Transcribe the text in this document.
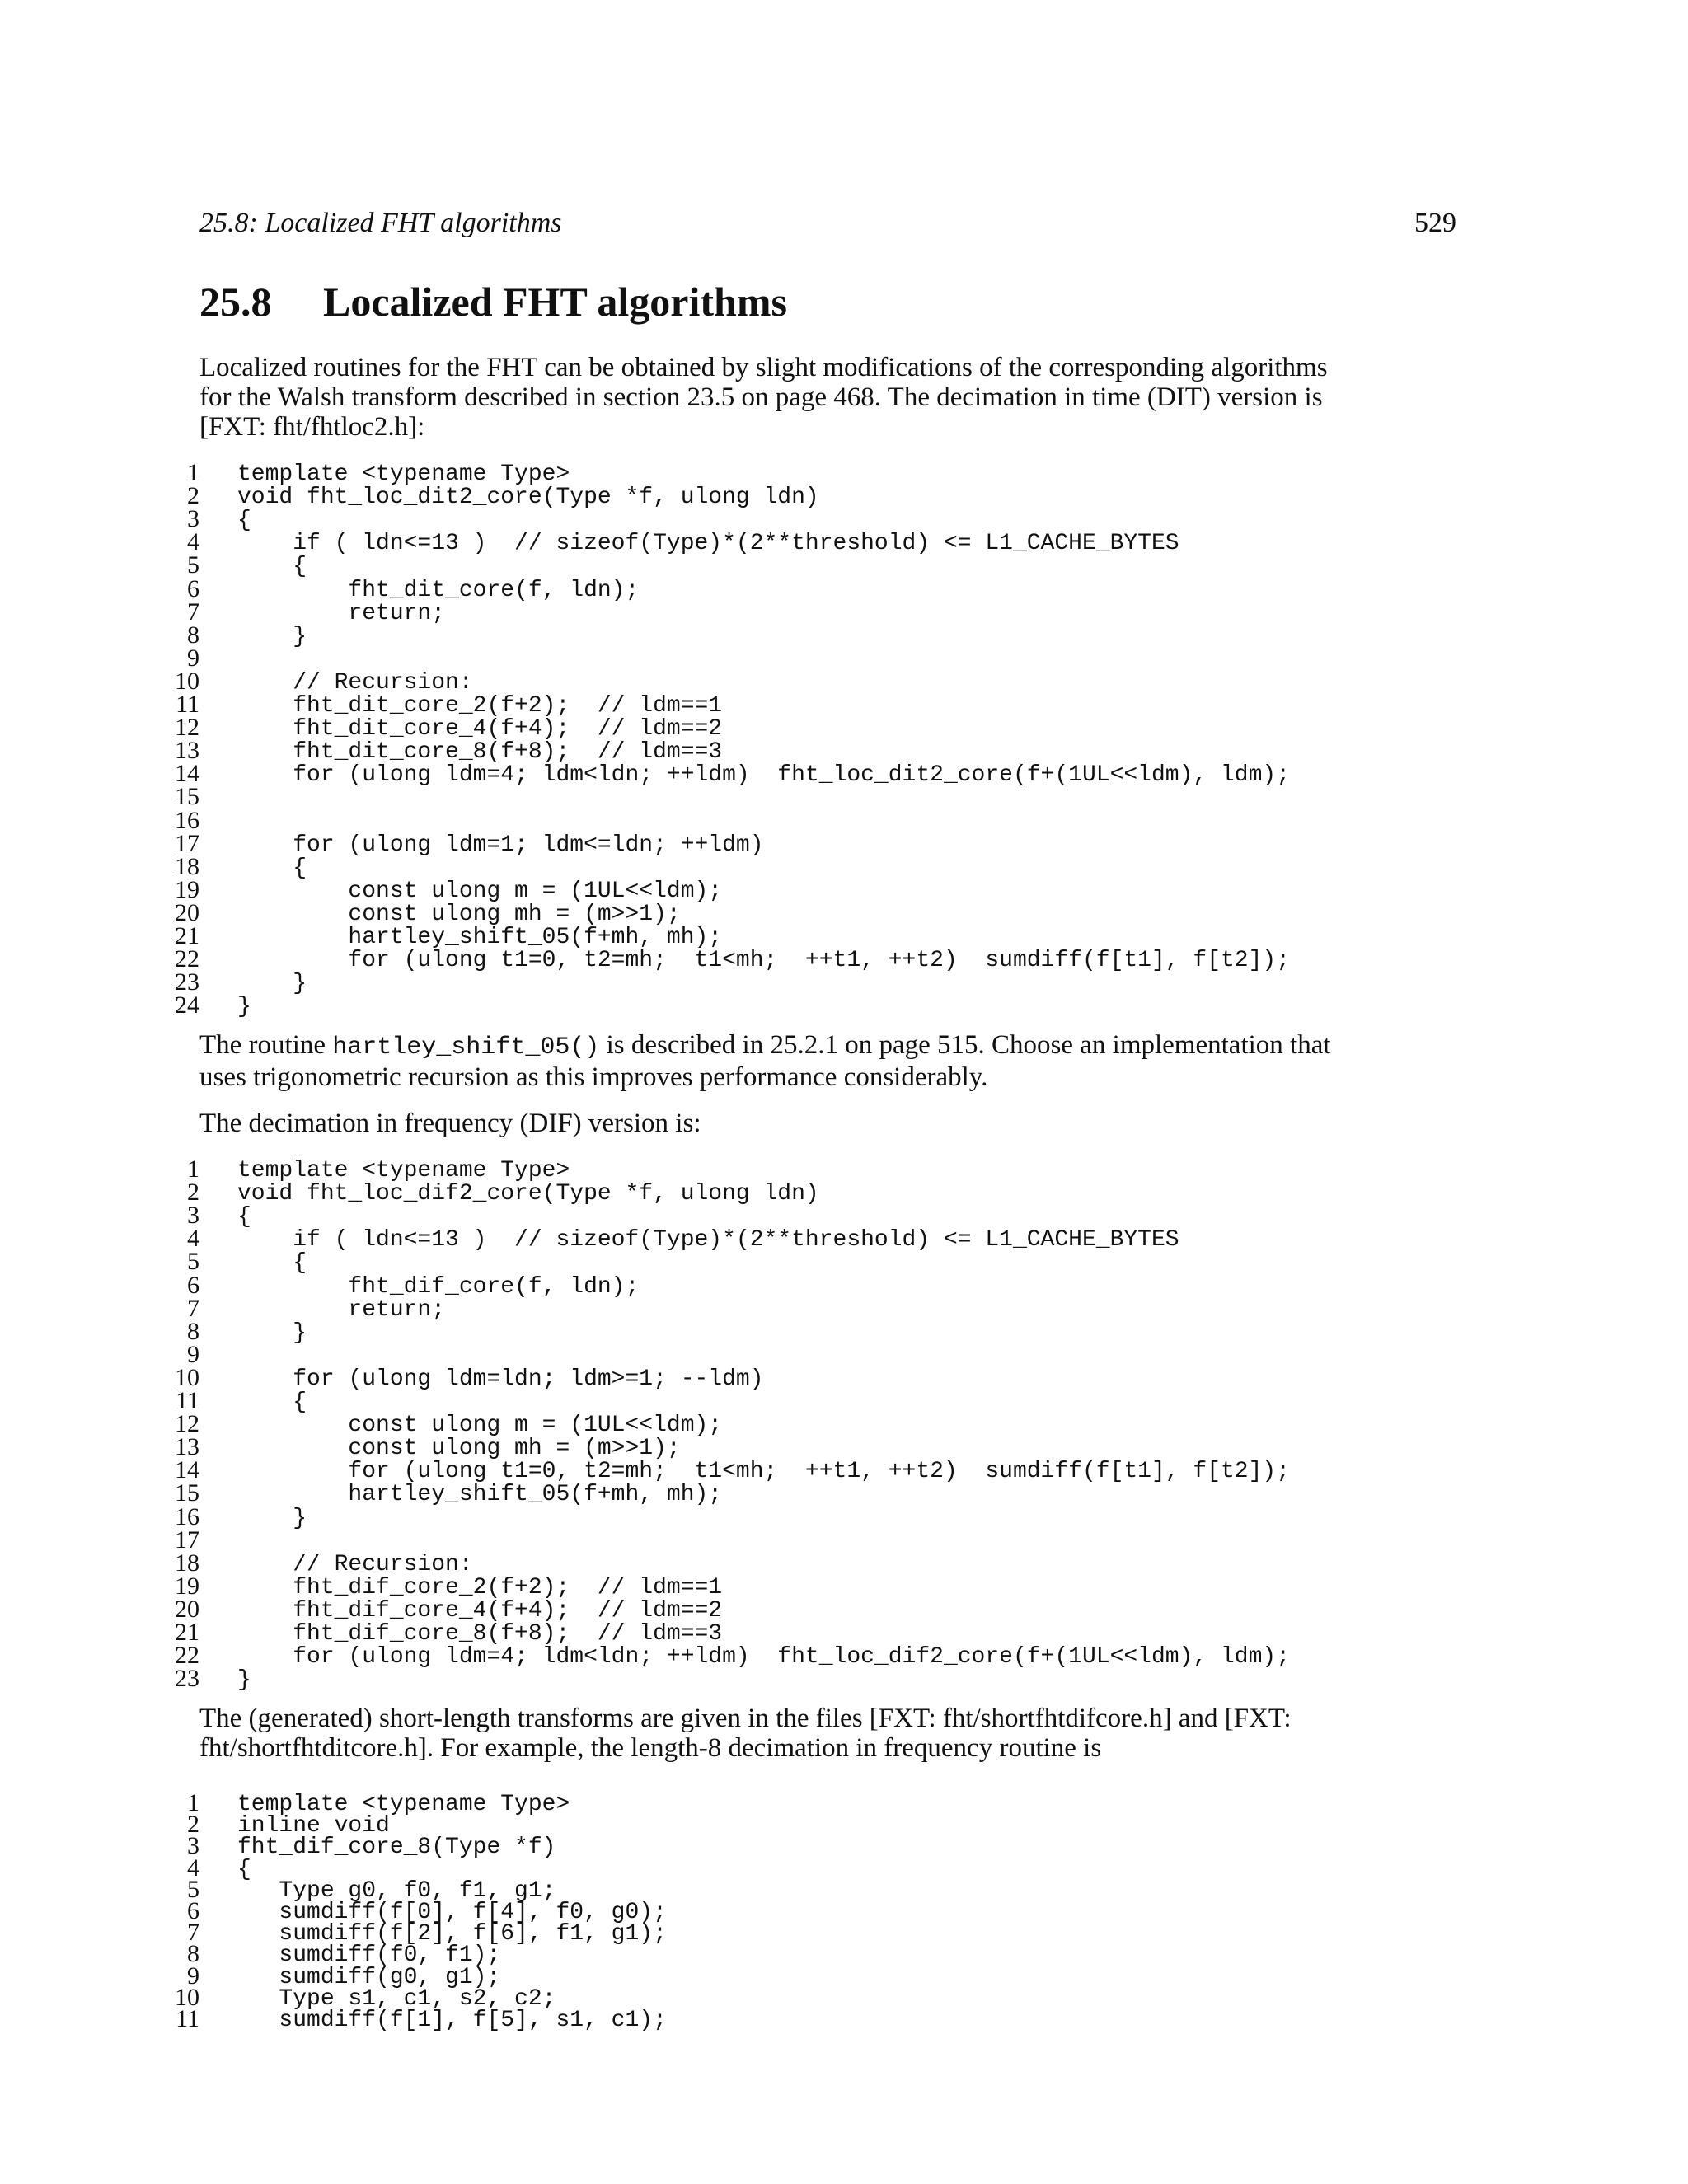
25.8: Localized FHT algorithms	529
25.8 Localized FHT algorithms
Localized routines for the FHT can be obtained by slight modifications of the corresponding algorithms
for the Walsh transform described in section 23.5 on page 468. The decimation in time (DIT) version is
[FXT: fht/fhtloc2.h]:
1 template <typename Type>
2 void fht_loc_dit2_core(Type *f, ulong ldn)
3 {
4 if ( ldn<=13 )  // sizeof(Type)*(2**threshold) <= L1_CACHE_BYTES
5 {
6 fht_dit_core(f, ldn);
7 return;
8 }
9
10 // Recursion:
11 fht_dit_core_2(f+2);  // ldm==1
12 fht_dit_core_4(f+4);  // ldm==2
13 fht_dit_core_8(f+8);  // ldm==3
14 for (ulong ldm=4; ldm<ldn; ++ldm)  fht_loc_dit2_core(f+(1UL<<ldm), ldm);
15
16
17 for (ulong ldm=1; ldm<=ldn; ++ldm)
18 {
19 const ulong m = (1UL<<ldm);
20 const ulong mh = (m>>1);
21 hartley_shift_05(f+mh, mh);
22 for (ulong t1=0, t2=mh;  t1<mh;  ++t1, ++t2)  sumdiff(f[t1], f[t2]);
23 }
24 }
The routine hartley_shift_05() is described in 25.2.1 on page 515. Choose an implementation that
uses trigonometric recursion as this improves performance considerably.
The decimation in frequency (DIF) version is:
1 template <typename Type>
2 void fht_loc_dif2_core(Type *f, ulong ldn)
3 {
4 if ( ldn<=13 )  // sizeof(Type)*(2**threshold) <= L1_CACHE_BYTES
5 {
6 fht_dif_core(f, ldn);
7 return;
8 }
9
10 for (ulong ldm=ldn; ldm>=1; --ldm)
11 {
12 const ulong m = (1UL<<ldm);
13 const ulong mh = (m>>1);
14 for (ulong t1=0, t2=mh;  t1<mh;  ++t1, ++t2)  sumdiff(f[t1], f[t2]);
15 hartley_shift_05(f+mh, mh);
16 }
17
18 // Recursion:
19 fht_dif_core_2(f+2);  // ldm==1
20 fht_dif_core_4(f+4);  // ldm==2
21 fht_dif_core_8(f+8);  // ldm==3
22 for (ulong ldm=4; ldm<ldn; ++ldm)  fht_loc_dif2_core(f+(1UL<<ldm), ldm);
23 }
The (generated) short-length transforms are given in the files [FXT: fht/shortfhtdifcore.h] and [FXT:
fht/shortfhtditcore.h]. For example, the length-8 decimation in frequency routine is
1 template <typename Type>
2 inline void
3 fht_dif_core_8(Type *f)
4 {
5 Type g0, f0, f1, g1;
6 sumdiff(f[0], f[4], f0, g0);
7 sumdiff(f[2], f[6], f1, g1);
8 sumdiff(f0, f1);
9 sumdiff(g0, g1);
10 Type s1, c1, s2, c2;
11 sumdiff(f[1], f[5], s1, c1);
